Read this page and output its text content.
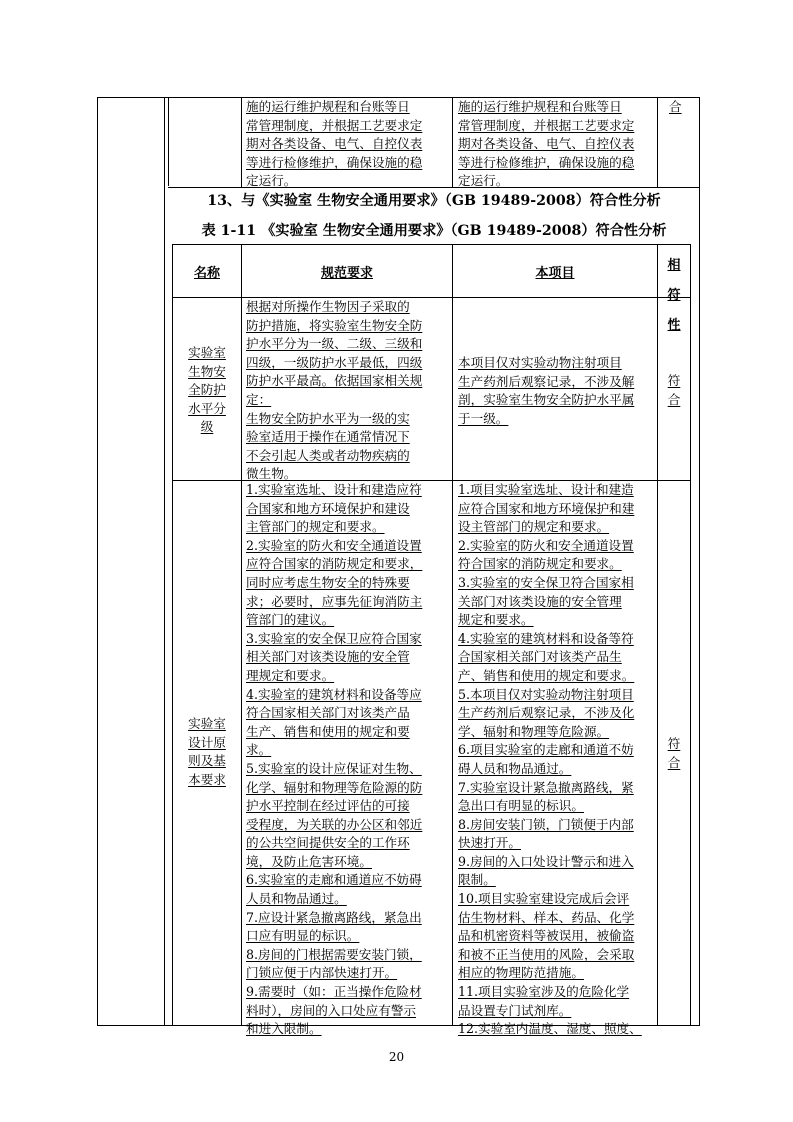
施的运行维护规程和台账等日

常管理制度，并根据工艺要求定

期对各类设备、电气、自控仪表

等进行检修维护，确保设施的稳

定运行。

施的运行维护规程和台账等日

常管理制度，并根据工艺要求定

期对各类设备、电气、自控仪表

等进行检修维护，确保设施的稳

定运行。

合
13、与《实验室 生物安全通用要求》（GB 19489-2008）符合性分析
表 1-11 《实验室 生物安全通用要求》（GB 19489-2008）符合性分析
名称	规范要求	本项目

相

符

性

实验室

生物安

全防护

水平分

级

根据对所操作生物因子采取的

防护措施，将实验室生物安全防

护水平分为一级、二级、三级和

四级，一级防护水平最低，四级

防护水平最高。依据国家相关规

定：

生物安全防护水平为一级的实

验室适用于操作在通常情况下

不会引起人类或者动物疾病的

微生物。

本项目仅对实验动物注射项目

生产药剂后观察记录，不涉及解

剖，实验室生物安全防护水平属

于一级。

符

合

实验室

设计原

则及基

本要求

1.实验室选址、设计和建造应符

合国家和地方环境保护和建设

主管部门的规定和要求。

2.实验室的防火和安全通道设置

应符合国家的消防规定和要求，

同时应考虑生物安全的特殊要

求；必要时，应事先征询消防主

管部门的建议。

3.实验室的安全保卫应符合国家

相关部门对该类设施的安全管

理规定和要求。

4.实验室的建筑材料和设备等应

符合国家相关部门对该类产品

生产、销售和使用的规定和要

求。

5.实验室的设计应保证对生物、

化学、辐射和物理等危险源的防

护水平控制在经过评估的可接

受程度，为关联的办公区和邻近

的公共空间提供安全的工作环

境，及防止危害环境。

6.实验室的走廊和通道应不妨碍

人员和物品通过。

7.应设计紧急撤离路线，紧急出

口应有明显的标识。

8.房间的门根据需要安装门锁，

门锁应便于内部快速打开。

9.需要时（如：正当操作危险材

料时），房间的入口处应有警示

和进入限制。

1.项目实验室选址、设计和建造

应符合国家和地方环境保护和建

设主管部门的规定和要求。

2.实验室的防火和安全通道设置

符合国家的消防规定和要求。

3.实验室的安全保卫符合国家相

关部门对该类设施的安全管理

规定和要求。

4.实验室的建筑材料和设备等符

合国家相关部门对该类产品生

产、销售和使用的规定和要求。

5.本项目仅对实验动物注射项目

生产药剂后观察记录，不涉及化

学、辐射和物理等危险源。

6.项目实验室的走廊和通道不妨

碍人员和物品通过。

7.实验室设计紧急撤离路线，紧

急出口有明显的标识。

8.房间安装门锁，门锁便于内部

快速打开。

9.房间的入口处设计警示和进入

限制。

10.项目实验室建设完成后会评

估生物材料、样本、药品、化学

品和机密资料等被误用，被偷盗

和被不正当使用的风险，会采取

相应的物理防范措施。

11.项目实验室涉及的危险化学

品设置专门试剂库。

12.实验室内温度、湿度、照度、

符

合

20
